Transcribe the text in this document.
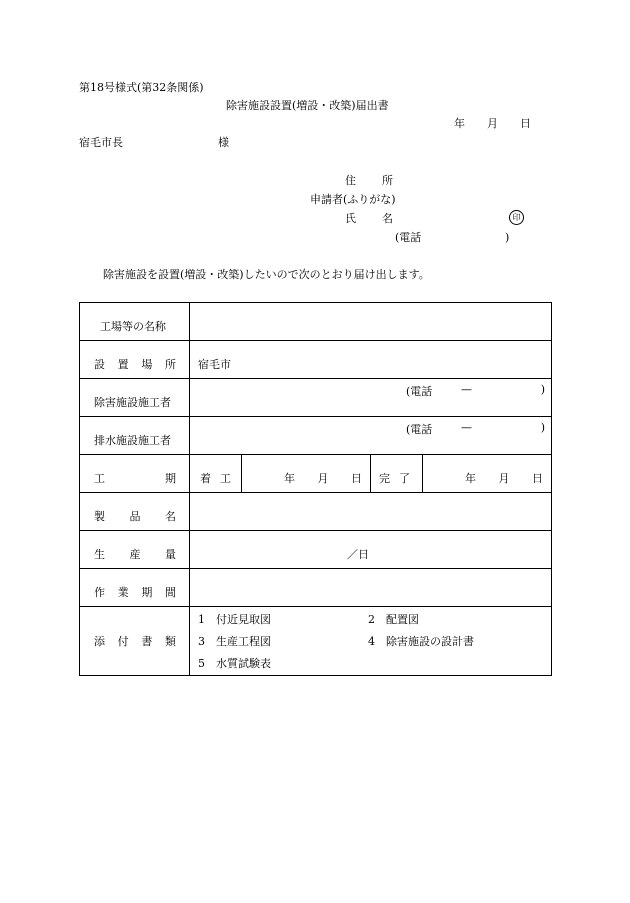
第18号様式(第32条関係)
除害施設設置(増設・改築)届出書
年 月 日
宿毛市長	様
住 所
申請者(ふりがな)
氏 名	印
(電話	)
除害施設を設置(増設・改築)したいので次のとおり届け出します。
工場等の名称				

設 置 場 所	宿毛市			
除害施設施工者	(電話 — )			

排水施設施工者	(電話 — )			

工 期	着 工	年 月 日	完 了	年 月 日

製 品 名				

生 産 量	／日			

作 業 期 間				

添 付 書 類	1　付近見取図 2　配置図
3　生産工程図 4　除害施設の設計書
5　水質試験表			
